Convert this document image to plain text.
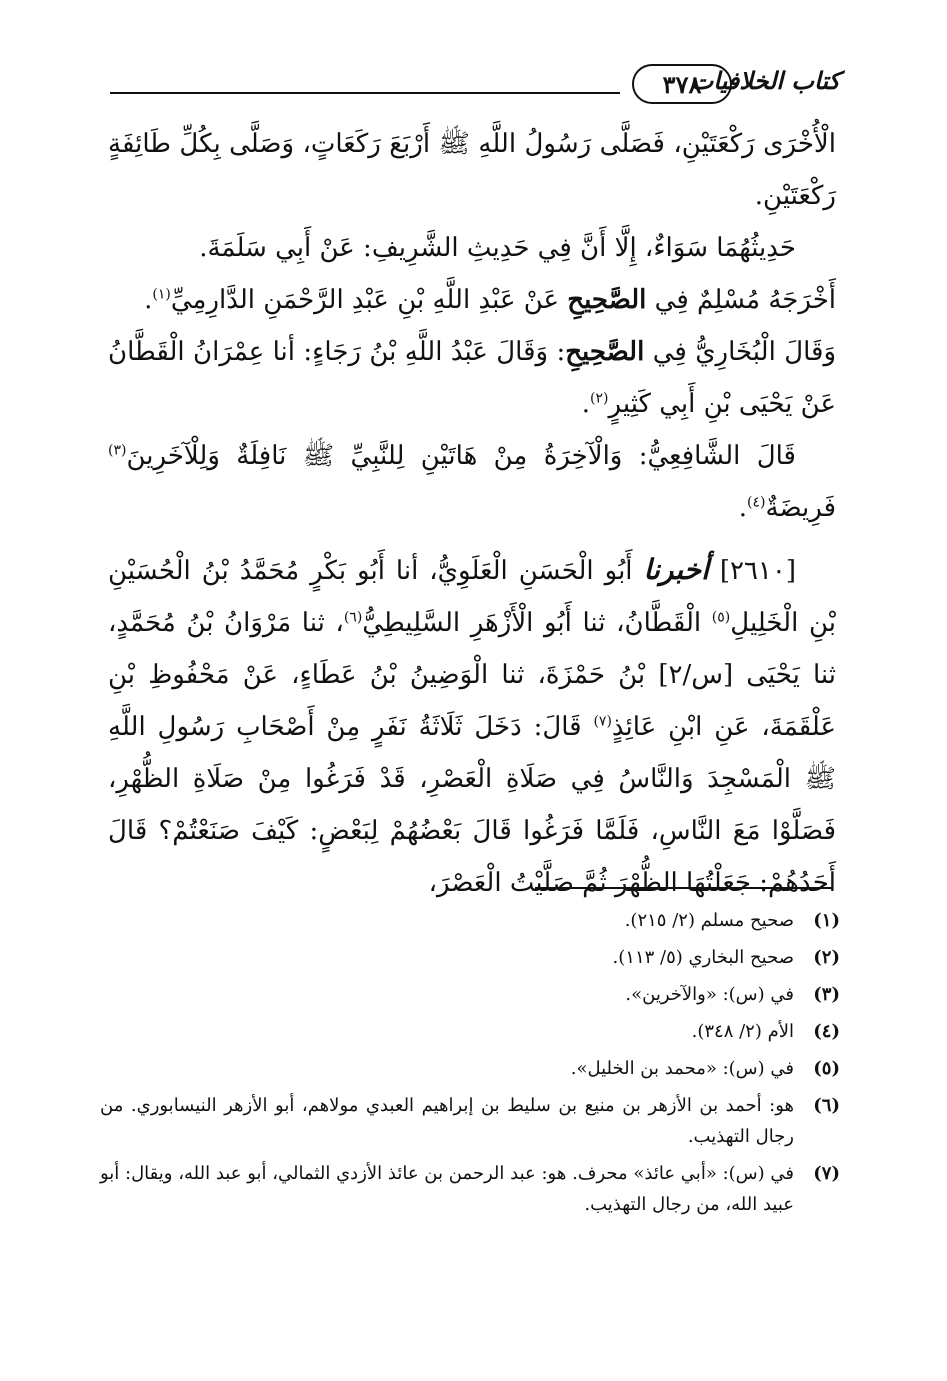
كتاب الخلافيات
٣٧٨

الْأُخْرَى رَكْعَتَيْنِ، فَصَلَّى رَسُولُ اللَّهِ ﷺ أَرْبَعَ رَكَعَاتٍ، وَصَلَّى بِكُلِّ طَائِفَةٍ رَكْعَتَيْنِ.

حَدِيثُهُمَا سَوَاءٌ، إِلَّا أَنَّ فِي حَدِيثِ الشَّرِيفِ: عَنْ أَبِي سَلَمَةَ.

أَخْرَجَهُ مُسْلِمٌ فِي الصَّحِيحِ عَنْ عَبْدِ اللَّهِ بْنِ عَبْدِ الرَّحْمَنِ الدَّارِمِيِّ$^{(١)}$.

وَقَالَ الْبُخَارِيُّ فِي الصَّحِيحِ: وَقَالَ عَبْدُ اللَّهِ بْنُ رَجَاءٍ: أنا عِمْرَانُ الْقَطَّانُ عَنْ يَحْيَى بْنِ أَبِي كَثِيرٍ$^{(٢)}$.

قَالَ الشَّافِعِيُّ: وَالْآخِرَةُ مِنْ هَاتَيْنِ لِلنَّبِيِّ ﷺ نَافِلَةٌ وَلِلْآخَرِينَ$^{(٣)}$ فَرِيضَةٌ$^{(٤)}$.

[٢٦١٠] أخبرنا أَبُو الْحَسَنِ الْعَلَوِيُّ، أنا أَبُو بَكْرٍ مُحَمَّدُ بْنُ الْحُسَيْنِ بْنِ الْخَلِيلِ$^{(٥)}$ الْقَطَّانُ، ثنا أَبُو الْأَزْهَرِ السَّلِيطِيُّ$^{(٦)}$، ثنا مَرْوَانُ بْنُ مُحَمَّدٍ، ثنا يَحْيَى [س/٢] بْنُ حَمْزَةَ، ثنا الْوَضِينُ بْنُ عَطَاءٍ، عَنْ مَحْفُوظِ بْنِ عَلْقَمَةَ، عَنِ ابْنِ عَائِذٍ$^{(٧)}$ قَالَ: دَخَلَ ثَلَاثَةُ نَفَرٍ مِنْ أَصْحَابِ رَسُولِ اللَّهِ ﷺ الْمَسْجِدَ وَالنَّاسُ فِي صَلَاةِ الْعَصْرِ، قَدْ فَرَغُوا مِنْ صَلَاةِ الظُّهْرِ، فَصَلَّوْا مَعَ النَّاسِ، فَلَمَّا فَرَغُوا قَالَ بَعْضُهُمْ لِبَعْضٍ: كَيْفَ صَنَعْتُمْ؟ قَالَ أَحَدُهُمْ: جَعَلْتُهَا الظُّهْرَ ثُمَّ صَلَّيْتُ الْعَصْرَ،

(١)
صحيح مسلم (٢/ ٢١٥).
(٢)
صحيح البخاري (٥/ ١١٣).
(٣)
في (س): «والآخرين».
(٤)
الأم (٢/ ٣٤٨).
(٥)
في (س): «محمد بن الخليل».
(٦)
هو: أحمد بن الأزهر بن منيع بن سليط بن إبراهيم العبدي مولاهم، أبو الأزهر النيسابوري. من رجال التهذيب.
(٧)
في (س): «أبي عائذ» محرف. هو: عبد الرحمن بن عائذ الأزدي الثمالي، أبو عبد الله، ويقال: أبو عبيد الله، من رجال التهذيب.
